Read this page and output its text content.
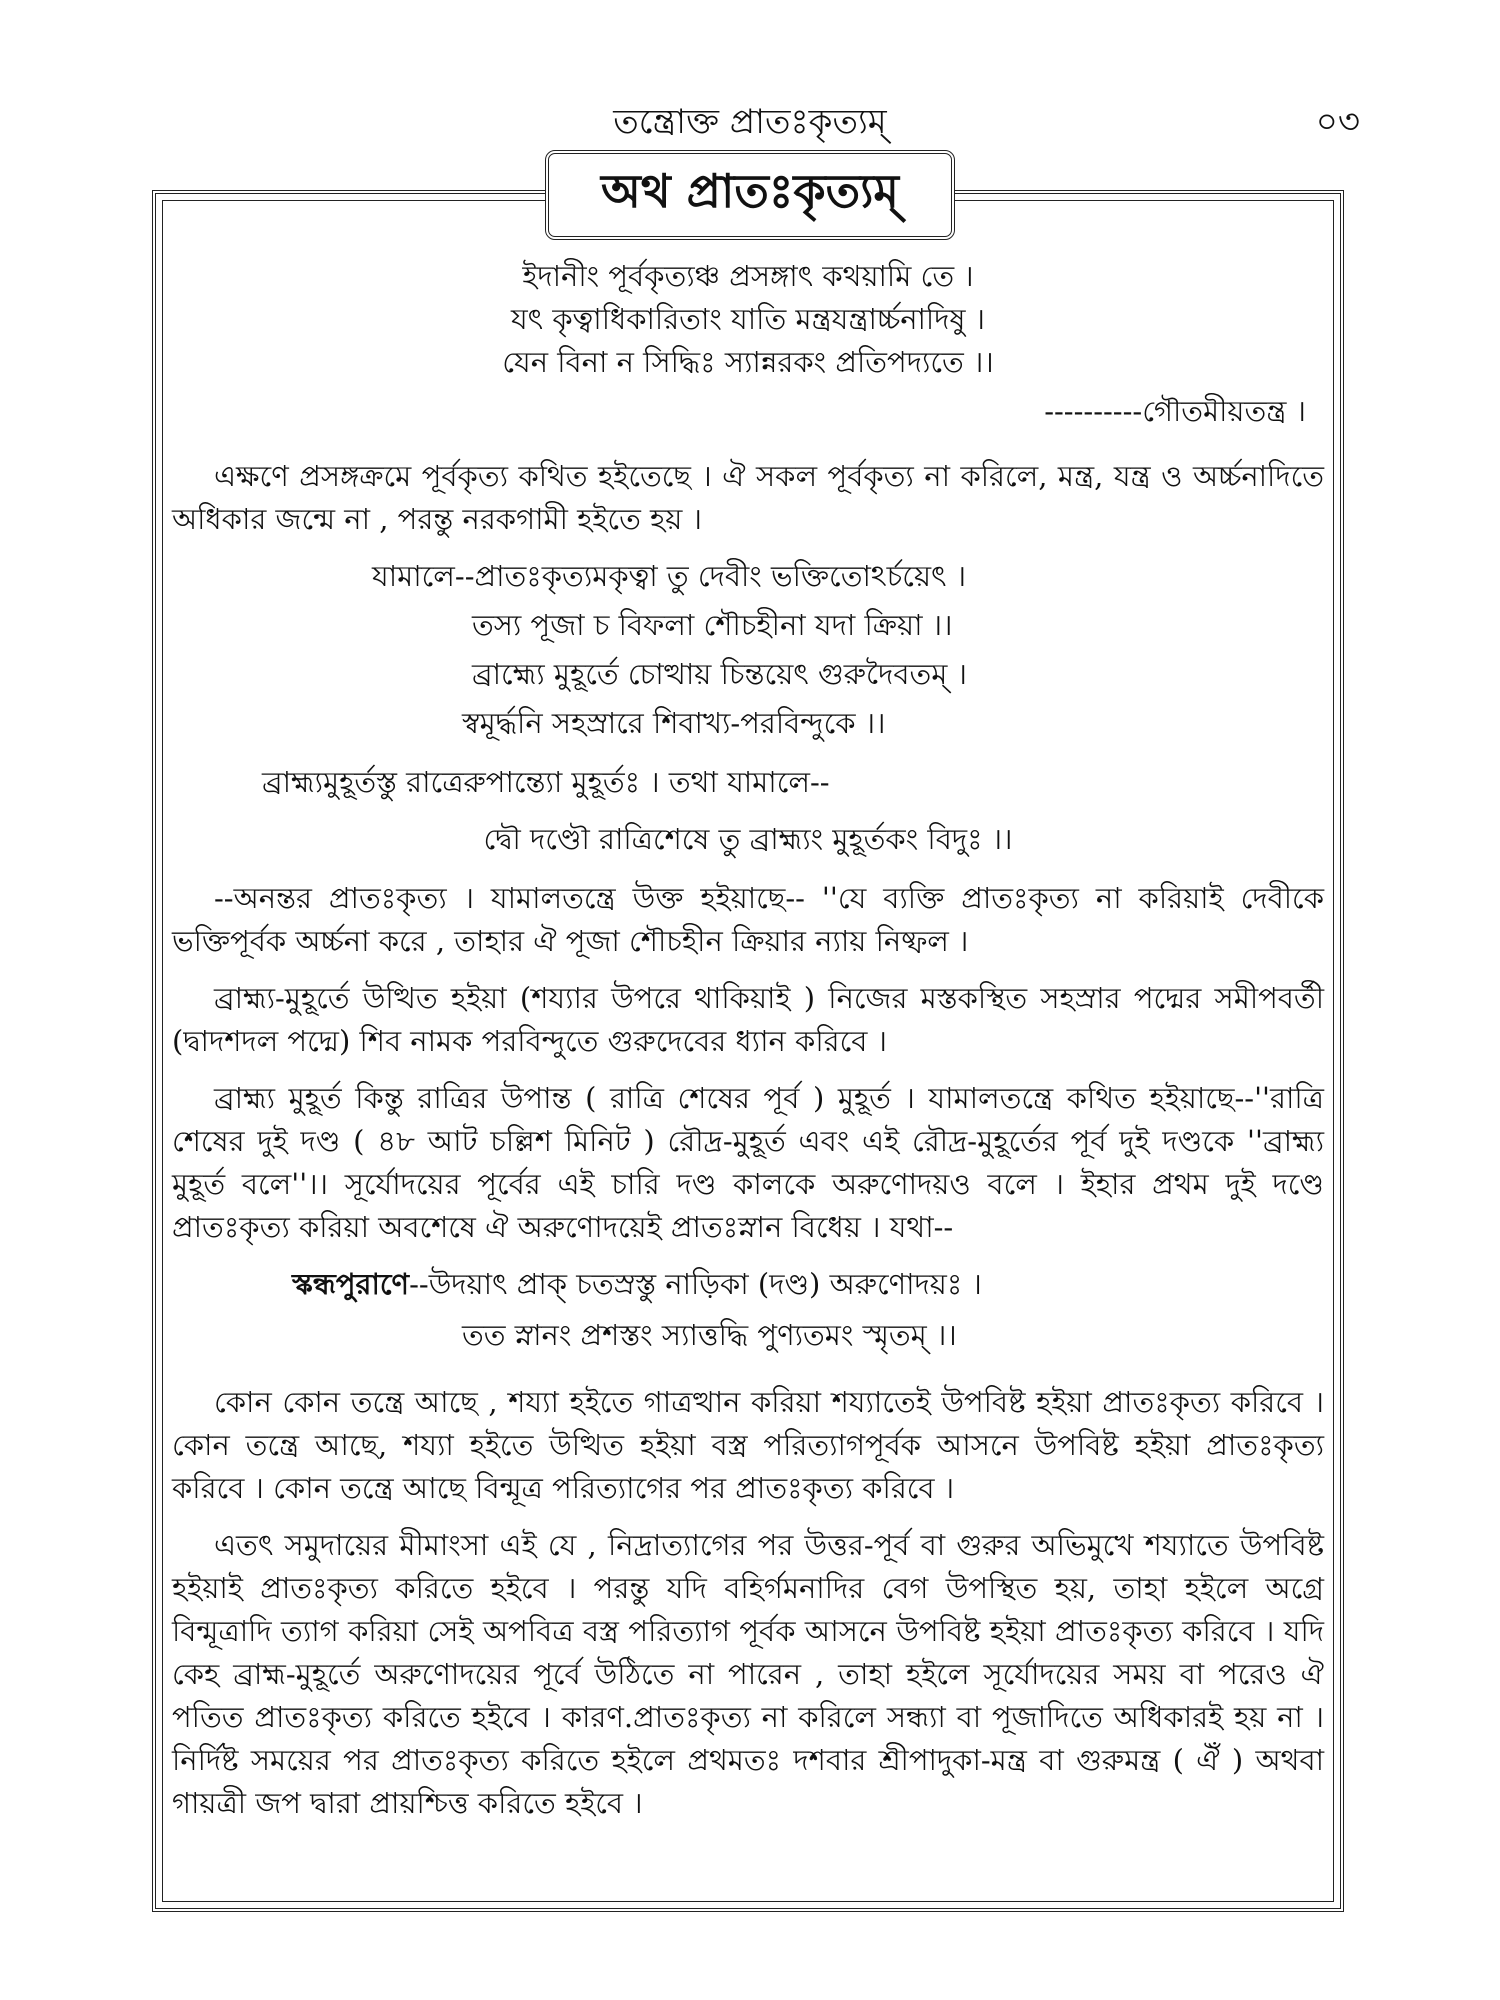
তন্ত্রোক্ত প্রাতঃকৃত্যম্	০৩
অথ প্রাতঃকৃত্যম্

ইদানীং পূর্বকৃত্যঞ্চ প্রসঙ্গাৎ কথয়ামি তে ।

যৎ কৃত্বাধিকারিতাং যাতি মন্ত্রযন্ত্রার্চ্চনাদিষু ।

যেন বিনা ন সিদ্ধিঃ স্যান্নরকং প্রতিপদ্যতে ।।

----------গৌতমীয়তন্ত্র ।

এক্ষণে প্রসঙ্গক্রমে পূর্বকৃত্য কথিত হইতেছে । ঐ সকল পূর্বকৃত্য না করিলে, মন্ত্র, যন্ত্র ও অর্চ্চনাদিতে অধিকার জন্মে না , পরন্তু নরকগামী হইতে হয় ।

যামালে--প্রাতঃকৃত্যমকৃত্বা তু দেবীং ভক্তিতোঽর্চয়েৎ ।

তস্য পূজা চ বিফলা শৌচহীনা যদা ক্রিয়া ।।

ব্রাহ্ম্যে মুহূর্তে চোত্থায় চিন্তয়েৎ গুরুদৈবতম্ ।

স্বমূর্দ্ধনি সহস্রারে শিবাখ্য-পরবিন্দুকে ।।

ব্রাহ্ম্যমুহূর্তস্তু রাত্রেরুপান্ত্যো মুহূর্তঃ । তথা যামালে--

দ্বৌ দণ্ডৌ রাত্রিশেষে তু ব্রাহ্ম্যং মুহূর্তকং বিদুঃ ।।

--অনন্তর প্রাতঃকৃত্য । যামালতন্ত্রে উক্ত হইয়াছে-- ''যে ব্যক্তি প্রাতঃকৃত্য না করিয়াই দেবীকে ভক্তিপূর্বক অর্চ্চনা করে , তাহার ঐ পূজা শৌচহীন ক্রিয়ার ন্যায় নিষ্ফল ।

ব্রাহ্ম্য-মুহূর্তে উত্থিত হইয়া (শয্যার উপরে থাকিয়াই ) নিজের মস্তকস্থিত সহস্রার পদ্মের সমীপবর্তী (দ্বাদশদল পদ্মে) শিব নামক পরবিন্দুতে গুরুদেবের ধ্যান করিবে ।

ব্রাহ্ম্য মুহূর্ত কিন্তু রাত্রির উপান্ত ( রাত্রি শেষের পূর্ব ) মুহূর্ত । যামালতন্ত্রে কথিত হইয়াছে--''রাত্রি শেষের দুই দণ্ড ( ৪৮ আট চল্লিশ মিনিট ) রৌদ্র-মুহূর্ত এবং এই রৌদ্র-মুহূর্তের পূর্ব দুই দণ্ডকে ''ব্রাহ্ম্য মুহূর্ত বলে''।। সূর্যোদয়ের পূর্বের এই চারি দণ্ড কালকে অরুণোদয়ও বলে । ইহার প্রথম দুই দণ্ডে প্রাতঃকৃত্য করিয়া অবশেষে ঐ অরুণোদয়েই প্রাতঃস্নান বিধেয় । যথা--

স্কন্ধপুরাণে--উদয়াৎ প্রাক্ চতস্রস্তু নাড়িকা (দণ্ড) অরুণোদয়ঃ ।

তত স্নানং প্রশস্তং স্যাত্তদ্ধি পুণ্যতমং স্মৃতম্ ।।

কোন কোন তন্ত্রে আছে , শয্যা হইতে গাত্রত্থান করিয়া শয্যাতেই উপবিষ্ট হইয়া প্রাতঃকৃত্য করিবে । কোন তন্ত্রে আছে, শয্যা হইতে উত্থিত হইয়া বস্ত্র পরিত্যাগপূর্বক আসনে উপবিষ্ট হইয়া প্রাতঃকৃত্য করিবে । কোন তন্ত্রে আছে বিন্মূত্র পরিত্যাগের পর প্রাতঃকৃত্য করিবে ।

এতৎ সমুদায়ের মীমাংসা এই যে , নিদ্রাত্যাগের পর উত্তর-পূর্ব বা গুরুর অভিমুখে শয্যাতে উপবিষ্ট হইয়াই প্রাতঃকৃত্য করিতে হইবে । পরন্তু যদি বহির্গমনাদির বেগ উপস্থিত হয়, তাহা হইলে অগ্রে বিন্মূত্রাদি ত্যাগ করিয়া সেই অপবিত্র বস্ত্র পরিত্যাগ পূর্বক আসনে উপবিষ্ট হইয়া প্রাতঃকৃত্য করিবে । যদি কেহ ব্রাহ্ম-মুহূর্তে অরুণোদয়ের পূর্বে উঠিতে না পারেন , তাহা হইলে সূর্যোদয়ের সময় বা পরেও ঐ পতিত প্রাতঃকৃত্য করিতে হইবে । কারণ.প্রাতঃকৃত্য না করিলে সন্ধ্যা বা পূজাদিতে অধিকারই হয় না । নির্দিষ্ট সময়ের পর প্রাতঃকৃত্য করিতে হইলে প্রথমতঃ দশবার শ্রীপাদুকা-মন্ত্র বা গুরুমন্ত্র ( ঐঁ ) অথবা গায়ত্রী জপ দ্বারা প্রায়শ্চিত্ত করিতে হইবে ।
